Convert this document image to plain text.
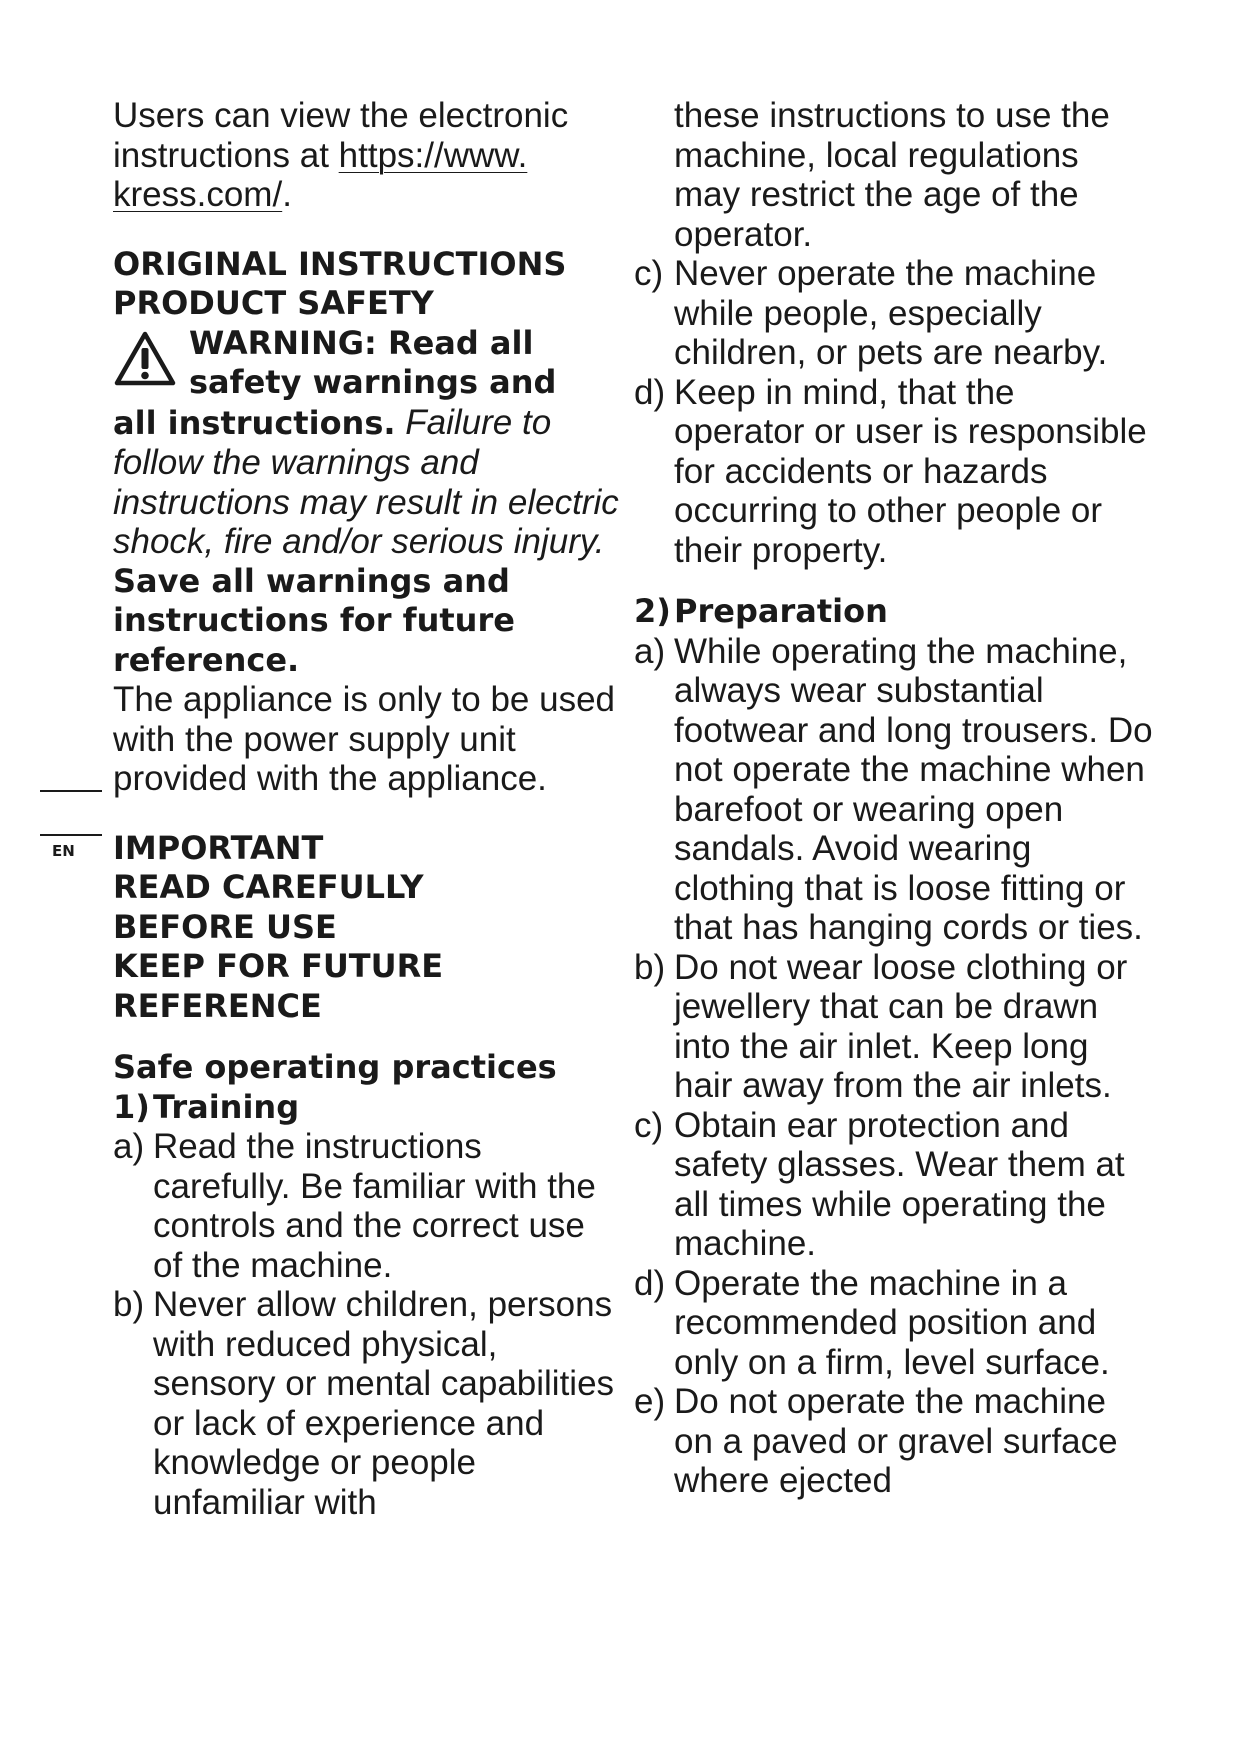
EN

Users can view the electronic instructions at https://www. kress.com/.

ORIGINAL INSTRUCTIONS

PRODUCT SAFETY

WARNING: Read all

safety warnings and

all instructions. Failure to follow the warnings and instructions may result in electric shock, fire and/or serious injury.

Save all warnings and instructions for future reference.

The appliance is only to be used with the power supply unit provided with the appliance.

IMPORTANT

READ CAREFULLY

BEFORE USE

KEEP FOR FUTURE

REFERENCE

Safe operating practices

1)Training

a) Read the instructions carefully. Be familiar with the controls and the correct use of the machine.
b) Never allow children, persons with reduced physical, sensory or mental capabilities or lack of experience and knowledge or people unfamiliar with
these instructions to use the machine, local regulations may restrict the age of the operator.
c) Never operate the machine while people, especially children, or pets are nearby.
d) Keep in mind, that the operator or user is responsible for accidents or hazards occurring to other people or their property.

2)Preparation

a) While operating the machine, always wear substantial footwear and long trousers. Do not operate the machine when barefoot or wearing open sandals. Avoid wearing clothing that is loose fitting or that has hanging cords or ties.
b) Do not wear loose clothing or jewellery that can be drawn into the air inlet. Keep long hair away from the air inlets.
c) Obtain ear protection and safety glasses. Wear them at all times while operating the machine.
d) Operate the machine in a recommended position and only on a firm, level surface.
e) Do not operate the machine on a paved or gravel surface where ejected
